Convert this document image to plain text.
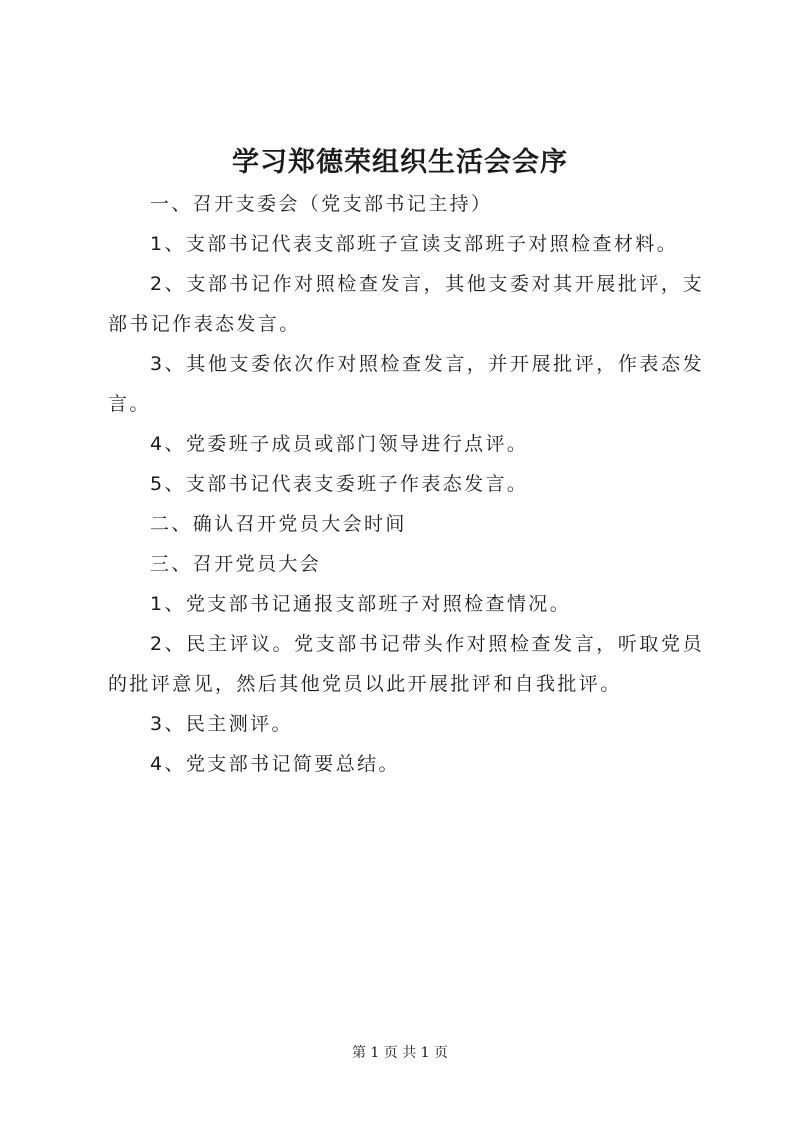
学习郑德荣组织生活会会序

一、召开支委会（党支部书记主持）

1、支部书记代表支部班子宣读支部班子对照检查材料。

2、支部书记作对照检查发言，其他支委对其开展批评，支部书记作表态发言。

3、其他支委依次作对照检查发言，并开展批评，作表态发言。

4、党委班子成员或部门领导进行点评。

5、支部书记代表支委班子作表态发言。

二、确认召开党员大会时间

三、召开党员大会

1、党支部书记通报支部班子对照检查情况。

2、民主评议。党支部书记带头作对照检查发言，听取党员的批评意见，然后其他党员以此开展批评和自我批评。

3、民主测评。

4、党支部书记简要总结。

第 1 页 共 1 页
